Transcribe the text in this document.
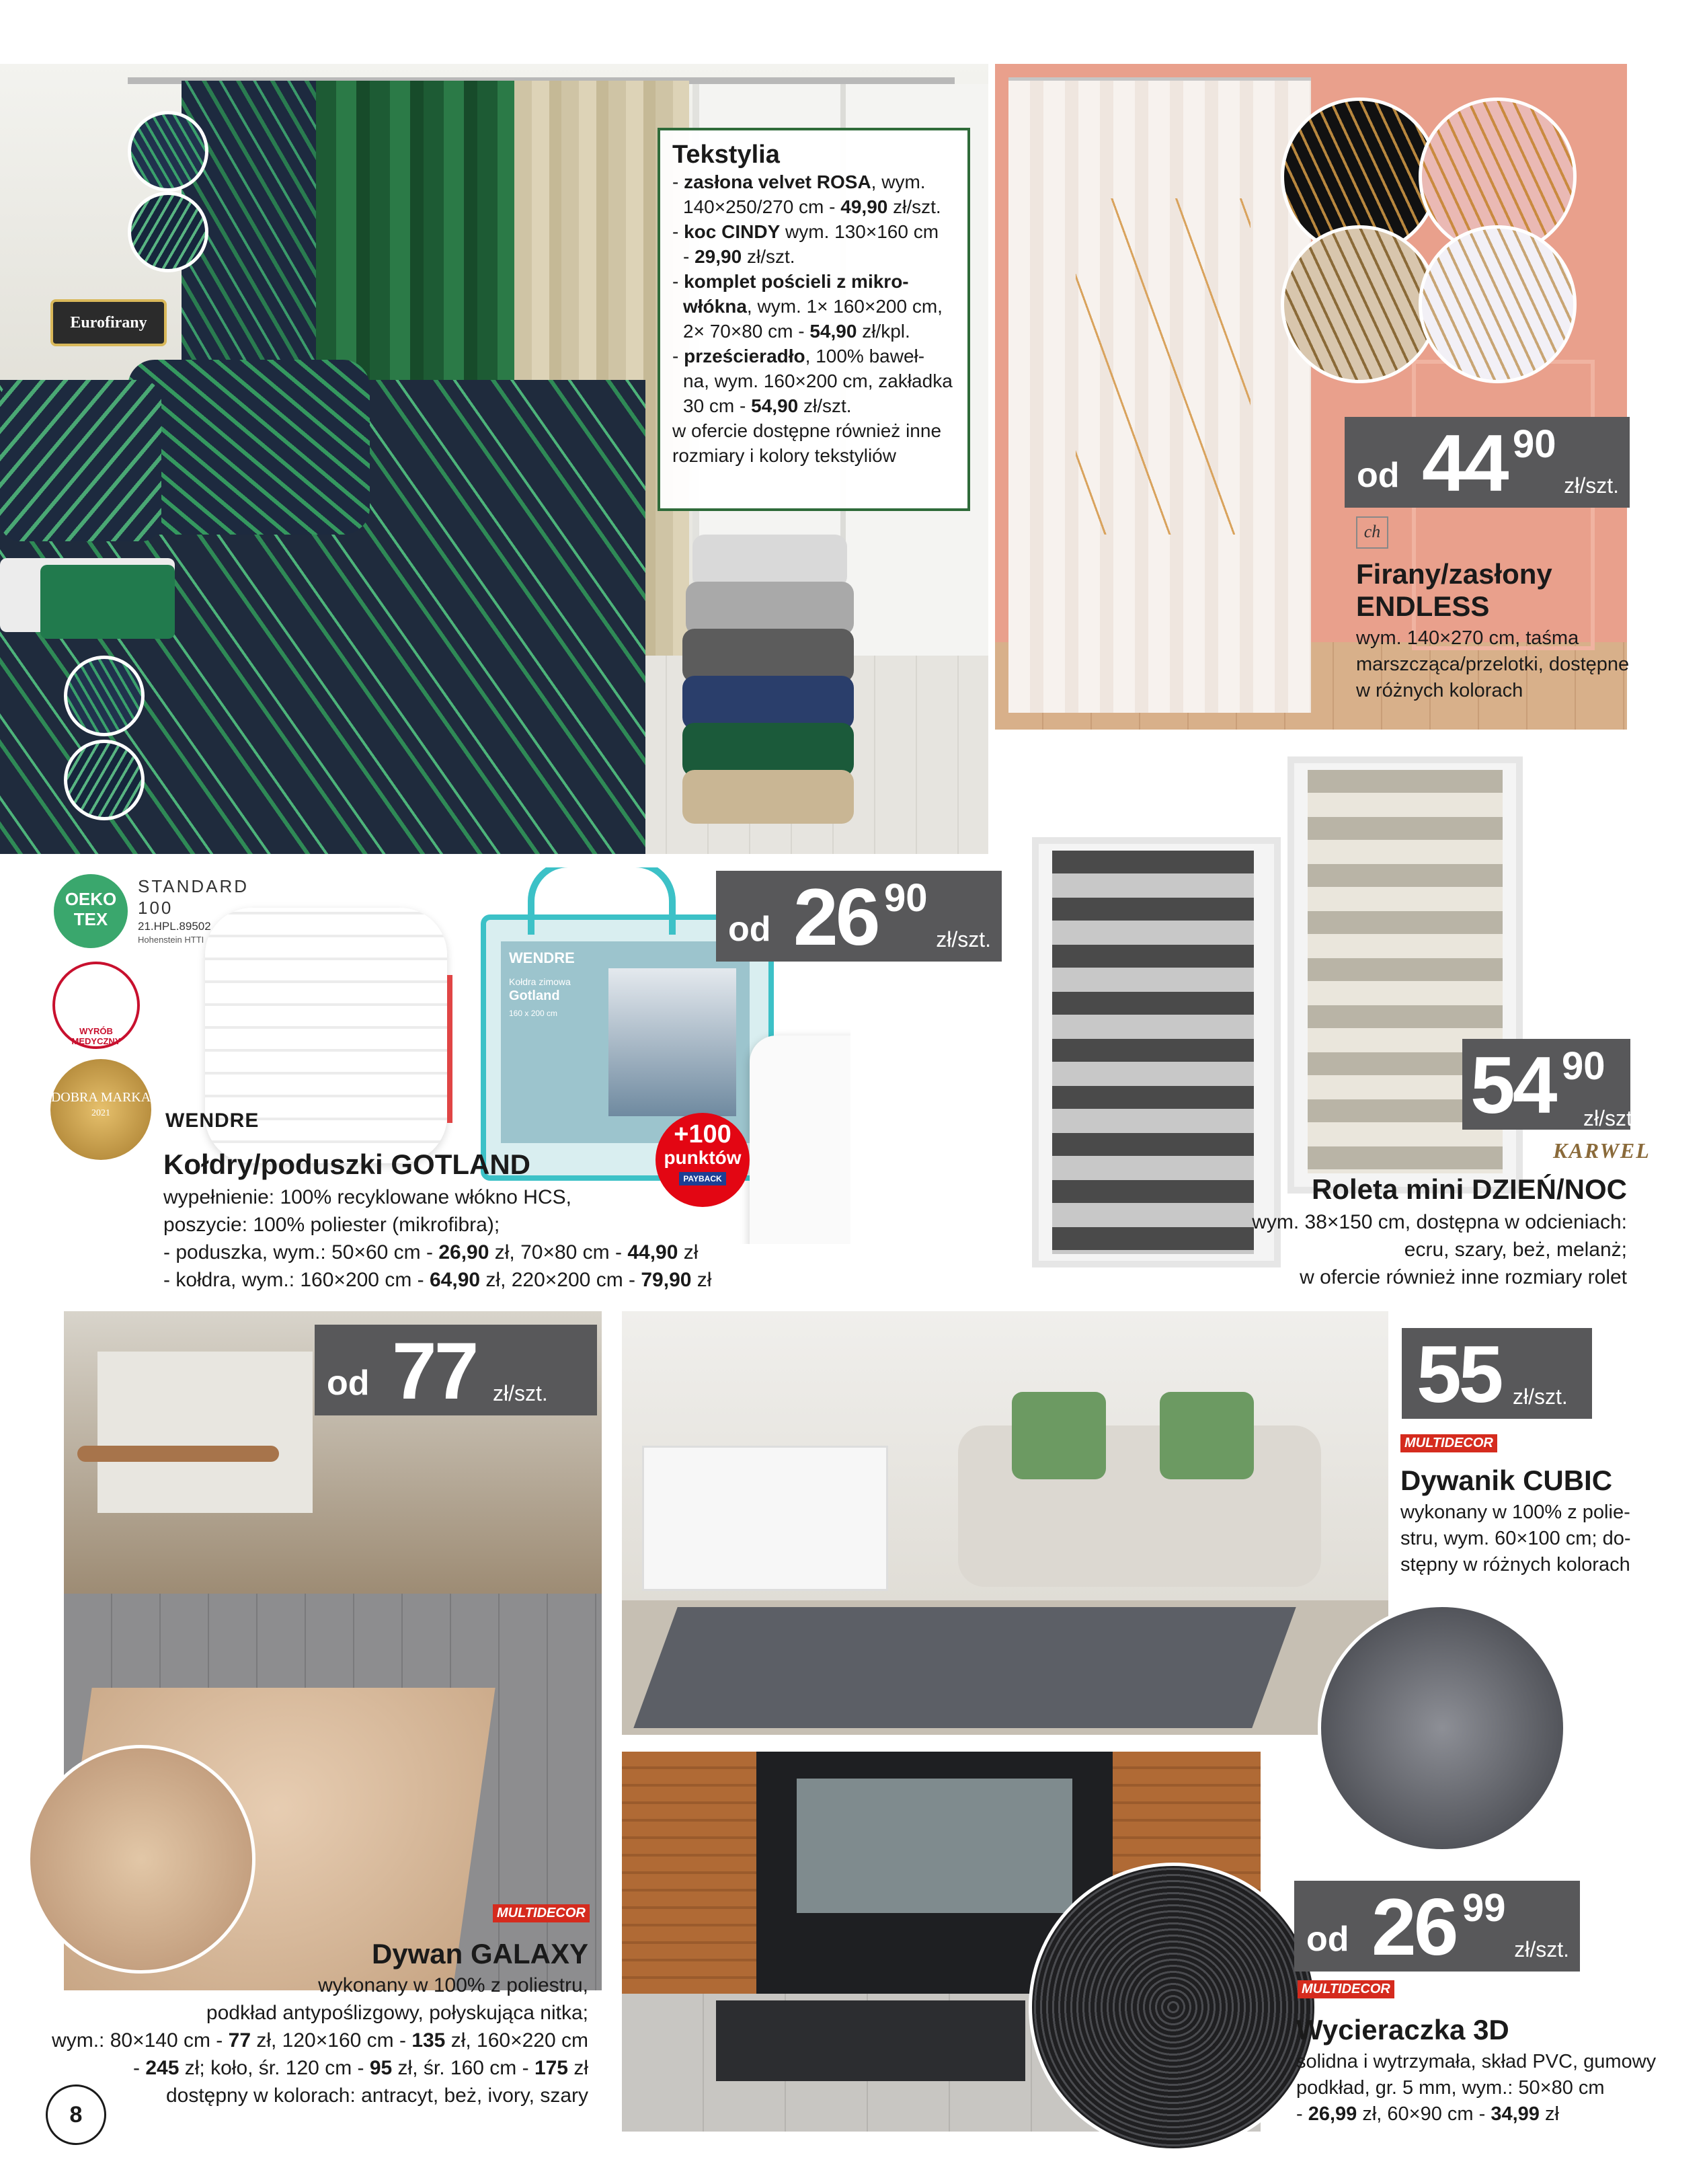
Eurofirany
Tekstylia
- zasłona velvet ROSA, wym.
140×250/270 cm - 49,90 zł/szt.
- koc CINDY wym. 130×160 cm
- 29,90 zł/szt.
- komplet pościeli z mikro-
włókna, wym. 1× 160×200 cm,
2× 70×80 cm - 54,90 zł/kpl.
- prześcieradło, 100% baweł-
na, wym. 160×200 cm, zakładka
30 cm - 54,90 zł/szt.
w ofercie dostępne również inne
rozmiary i kolory tekstyliów
od 44 90
zł/szt.
ch
Firany/zasłony
ENDLESS
wym. 140×270 cm, taśma
marszcząca/przelotki, dostępne
w różnych kolorach
OEKO TEX
STANDARD 100
21.HPL.89502
Hohenstein HTTI
WYRÓB MEDYCZNY
DOBRA MARKA
2021
WENDRE
Kołdra zimowa
Gotland
160 x 200 cm
WENDRE
od 26 90
zł/szt.
+100
punktów
PAYBACK
Kołdry/poduszki GOTLAND
wypełnienie: 100% recyklowane włókno HCS,
poszycie: 100% poliester (mikrofibra);
- poduszka, wym.: 50×60 cm - 26,90 zł, 70×80 cm - 44,90 zł
- kołdra, wym.: 160×200 cm - 64,90 zł, 220×200 cm - 79,90 zł
54 90
zł/szt.
KARWEL
Roleta mini DZIEŃ/NOC
wym. 38×150 cm, dostępna w odcieniach:
ecru, szary, beż, melanż;
w ofercie również inne rozmiary rolet
od 77 zł/szt.
MULTIDECOR
Dywan GALAXY
wykonany w 100% z poliestru,
podkład antypoślizgowy, połyskująca nitka;
wym.: 80×140 cm - 77 zł, 120×160 cm - 135 zł, 160×220 cm
- 245 zł; koło, śr. 120 cm - 95 zł, śr. 160 cm - 175 zł
dostępny w kolorach: antracyt, beż, ivory, szary
8
55 zł/szt.
MULTIDECOR
Dywanik CUBIC
wykonany w 100% z polie-
stru, wym. 60×100 cm; do-
stępny w różnych kolorach
od 26 99
zł/szt.
MULTIDECOR
Wycieraczka 3D
solidna i wytrzymała, skład PVC, gumowy
podkład, gr. 5 mm, wym.: 50×80 cm
- 26,99 zł, 60×90 cm - 34,99 zł
